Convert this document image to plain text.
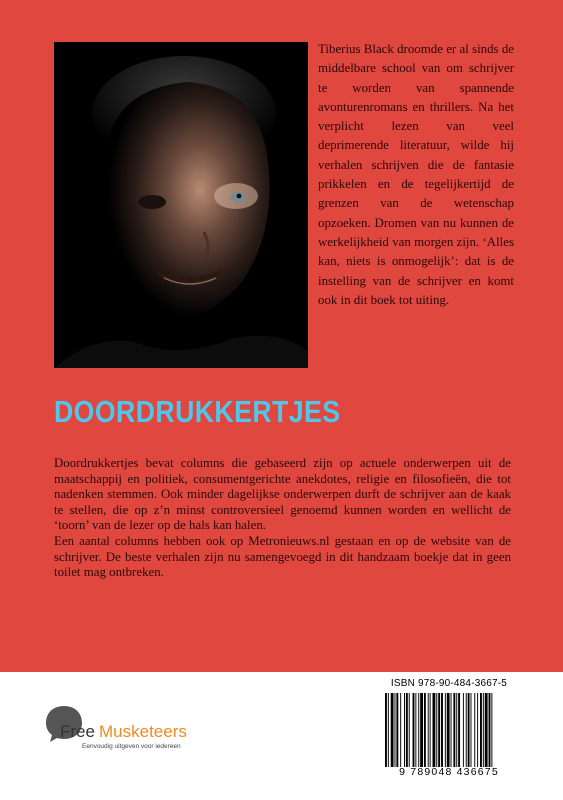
Tiberius Black droomde er al sinds de middelbare school van om schrijver te worden van spannende avonturenromans en thrillers. Na het verplicht lezen van veel deprimerende literatuur, wilde hij verhalen schrijven die de fantasie prikkelen en de tegelijkertijd de grenzen van de wetenschap opzoeken. Dromen van nu kunnen de werkelijkheid van morgen zijn. ‘Alles kan, niets is onmogelijk’: dat is de instelling van de schrijver en komt ook in dit boek tot uiting.

DOORDRUKKERTJES

Doordrukkertjes bevat columns die gebaseerd zijn op actuele onderwerpen uit de maatschappij en politiek, consumentgerichte anekdotes, religie en filosofieën, die tot nadenken stemmen. Ook minder dagelijkse onderwerpen durft de schrijver aan de kaak te stellen, die op z’n minst controversieel genoemd kunnen worden en wellicht de ‘toorn’ van de lezer op de hals kan halen.

Een aantal columns hebben ook op Metronieuws.nl gestaan en op de website van de schrijver. De beste verhalen zijn nu samengevoegd in dit handzaam boekje dat in geen toilet mag ontbreken.

Free Musketeers
Eenvoudig uitgeven voor iedereen
ISBN 978-90-484-3667-5
9 789048 436675
